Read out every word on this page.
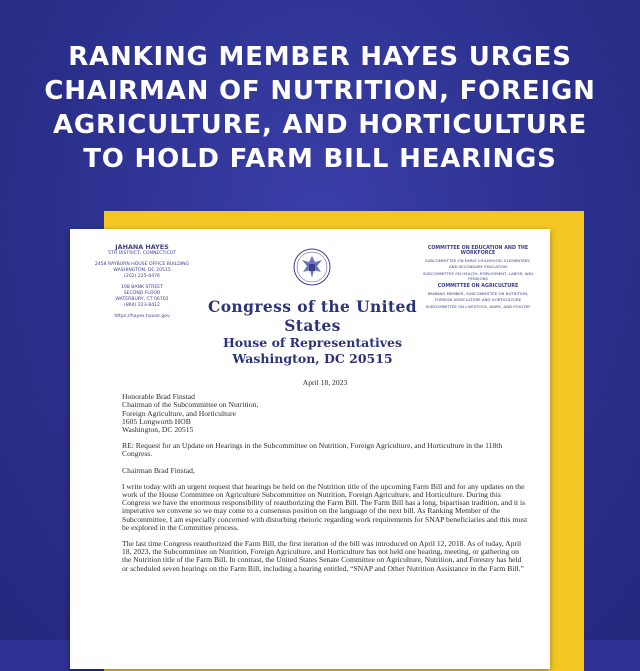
RANKING MEMBER HAYES URGES
CHAIRMAN OF NUTRITION, FOREIGN
AGRICULTURE, AND HORTICULTURE
TO HOLD FARM BILL HEARINGS
JAHANA HAYES
5TH DISTRICT, CONNECTICUT
2458 RAYBURN HOUSE OFFICE BUILDING
WASHINGTON, DC 20515
(202) 225-4476
108 BANK STREET
SECOND FLOOR
WATERBURY, CT 06702
(860) 223-8412
https://hayes.house.gov
COMMITTEE ON EDUCATION AND THE WORKFORCE
SUBCOMMITTEE ON EARLY CHILDHOOD, ELEMENTARY, AND SECONDARY EDUCATION
SUBCOMMITTEE ON HEALTH, EMPLOYMENT, LABOR, AND PENSIONS
COMMITTEE ON AGRICULTURE
RANKING MEMBER, SUBCOMMITTEE ON NUTRITION, FOREIGN AGRICULTURE AND HORTICULTURE
SUBCOMMITTEE ON LIVESTOCK, DAIRY, AND POULTRY
Congress of the United States
House of Representatives
Washington, DC 20515

April 18, 2023

Honorable Brad Finstad
Chairman of the Subcommittee on Nutrition,
Foreign Agriculture, and Horticulture
1605 Longworth HOB
Washington, DC 20515

RE: Request for an Update on Hearings in the Subcommittee on Nutrition, Foreign Agriculture, and Horticulture in the 118th Congress.

Chairman Brad Finstad,

I write today with an urgent request that hearings be held on the Nutrition title of the upcoming Farm Bill and for any updates on the work of the House Committee on Agriculture Subcommittee on Nutrition, Foreign Agriculture, and Horticulture. During this Congress we have the enormous responsibility of reauthorizing the Farm Bill. The Farm Bill has a long, bipartisan tradition, and it is imperative we convene so we may come to a consensus position on the language of the next bill. As Ranking Member of the Subcommittee, I am especially concerned with disturbing rhetoric regarding work requirements for SNAP beneficiaries and this must be explored in the Committee process.

The last time Congress reauthorized the Farm Bill, the first iteration of the bill was introduced on April 12, 2018. As of today, April 18, 2023, the Subcommittee on Nutrition, Foreign Agriculture, and Horticulture has not held one hearing, meeting, or gathering on the Nutrition title of the Farm Bill. In contrast, the United States Senate Committee on Agriculture, Nutrition, and Forestry has held or scheduled seven hearings on the Farm Bill, including a hearing entitled, “SNAP and Other Nutrition Assistance in the Farm Bill.”
